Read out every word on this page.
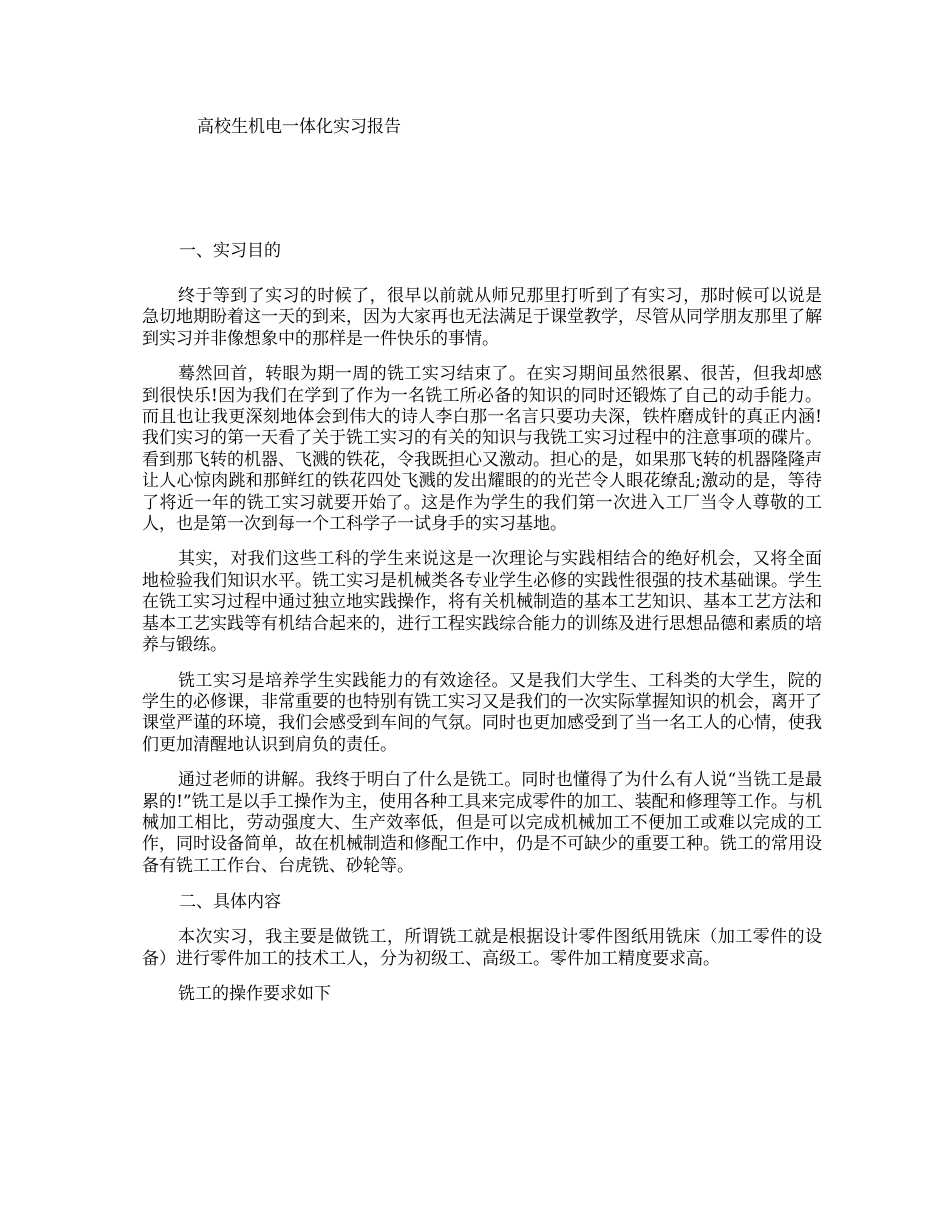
高校生机电一体化实习报告
一、实习目的

终于等到了实习的时候了，很早以前就从师兄那里打听到了有实习，那时候可以说是急切地期盼着这一天的到来，因为大家再也无法满足于课堂教学，尽管从同学朋友那里了解到实习并非像想象中的那样是一件快乐的事情。

蓦然回首，转眼为期一周的铣工实习结束了。在实习期间虽然很累、很苦，但我却感到很快乐!因为我们在学到了作为一名铣工所必备的知识的同时还锻炼了自己的动手能力。而且也让我更深刻地体会到伟大的诗人李白那一名言只要功夫深，铁杵磨成针的真正内涵!我们实习的第一天看了关于铣工实习的有关的知识与我铣工实习过程中的注意事项的碟片。看到那飞转的机器、飞溅的铁花，令我既担心又激动。担心的是，如果那飞转的机器隆隆声让人心惊肉跳和那鲜红的铁花四处飞溅的发出耀眼的的光芒令人眼花缭乱;激动的是，等待了将近一年的铣工实习就要开始了。这是作为学生的我们第一次进入工厂当令人尊敬的工人，也是第一次到每一个工科学子一试身手的实习基地。

其实，对我们这些工科的学生来说这是一次理论与实践相结合的绝好机会，又将全面地检验我们知识水平。铣工实习是机械类各专业学生必修的实践性很强的技术基础课。学生在铣工实习过程中通过独立地实践操作，将有关机械制造的基本工艺知识、基本工艺方法和基本工艺实践等有机结合起来的，进行工程实践综合能力的训练及进行思想品德和素质的培养与锻练。

铣工实习是培养学生实践能力的有效途径。又是我们大学生、工科类的大学生，院的学生的必修课，非常重要的也特别有铣工实习又是我们的一次实际掌握知识的机会，离开了课堂严谨的环境，我们会感受到车间的气氛。同时也更加感受到了当一名工人的心情，使我们更加清醒地认识到肩负的责任。

通过老师的讲解。我终于明白了什么是铣工。同时也懂得了为什么有人说“当铣工是最累的!”铣工是以手工操作为主，使用各种工具来完成零件的加工、装配和修理等工作。与机械加工相比，劳动强度大、生产效率低，但是可以完成机械加工不便加工或难以完成的工作，同时设备简单，故在机械制造和修配工作中，仍是不可缺少的重要工种。铣工的常用设备有铣工工作台、台虎铣、砂轮等。

二、具体内容

本次实习，我主要是做铣工，所谓铣工就是根据设计零件图纸用铣床（加工零件的设备）进行零件加工的技术工人，分为初级工、高级工。零件加工精度要求高。

铣工的操作要求如下
